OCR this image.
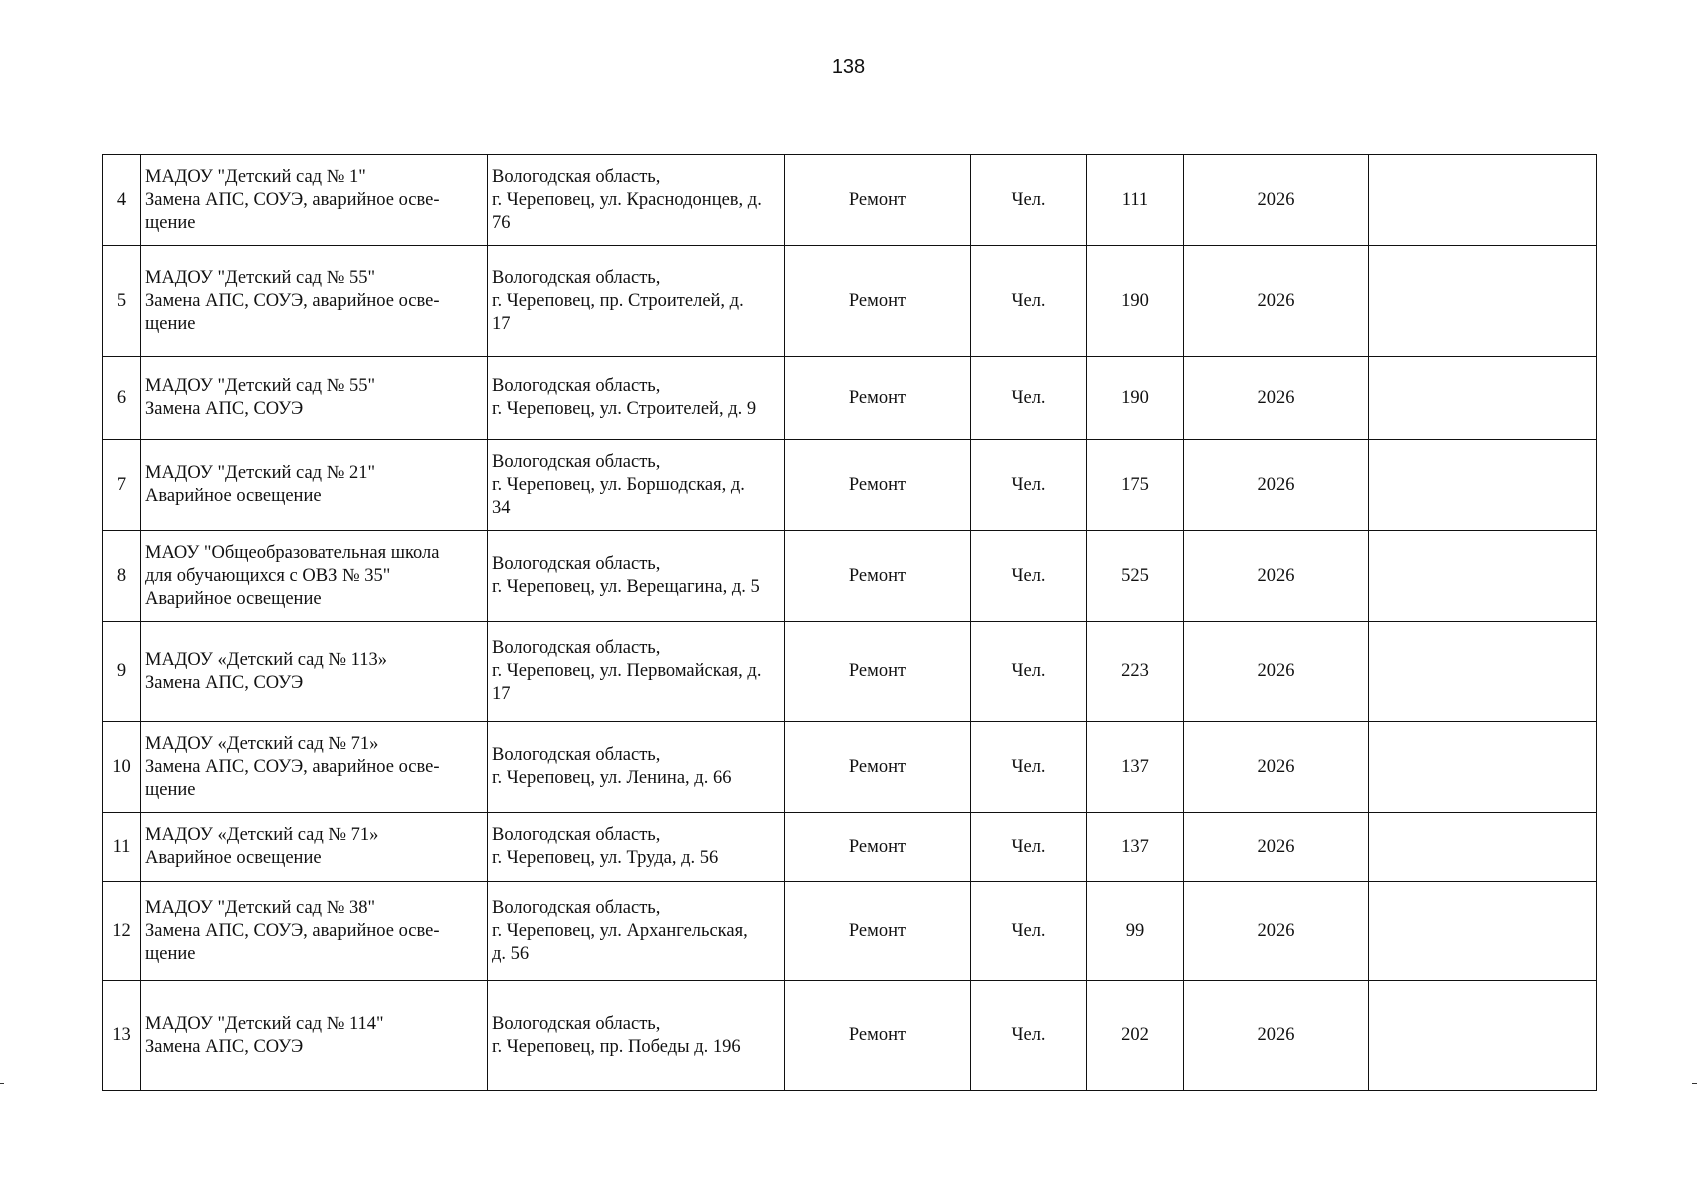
138
4	МАДОУ "Детский сад № 1"
Замена АПС, СОУЭ, аварийное осве-
щение	Вологодская область,
г. Череповец, ул. Краснодонцев, д.
76	Ремонт	Чел.	111	2026	
5	МАДОУ "Детский сад № 55"
Замена АПС, СОУЭ, аварийное осве-
щение	Вологодская область,
г. Череповец, пр. Строителей, д.
17	Ремонт	Чел.	190	2026	
6	МАДОУ "Детский сад № 55"
Замена АПС, СОУЭ	Вологодская область,
г. Череповец, ул. Строителей, д. 9	Ремонт	Чел.	190	2026	
7	МАДОУ "Детский сад № 21"
Аварийное освещение	Вологодская область,
г. Череповец, ул. Боршодская, д.
34	Ремонт	Чел.	175	2026	
8	МАОУ "Общеобразовательная школа
для обучающихся с ОВЗ № 35"
Аварийное освещение	Вологодская область,
г. Череповец, ул. Верещагина, д. 5	Ремонт	Чел.	525	2026	
9	МАДОУ «Детский сад № 113»
Замена АПС, СОУЭ	Вологодская область,
г. Череповец, ул. Первомайская, д.
17	Ремонт	Чел.	223	2026	
10	МАДОУ «Детский сад № 71»
Замена АПС, СОУЭ, аварийное осве-
щение	Вологодская область,
г. Череповец, ул. Ленина, д. 66	Ремонт	Чел.	137	2026	
11	МАДОУ «Детский сад № 71»
Аварийное освещение	Вологодская область,
г. Череповец, ул. Труда, д. 56	Ремонт	Чел.	137	2026	
12	МАДОУ "Детский сад № 38"
Замена АПС, СОУЭ, аварийное осве-
щение	Вологодская область,
г. Череповец, ул. Архангельская,
д. 56	Ремонт	Чел.	99	2026	
13	МАДОУ "Детский сад № 114"
Замена АПС, СОУЭ	Вологодская область,
г. Череповец, пр. Победы д. 196	Ремонт	Чел.	202	2026	
